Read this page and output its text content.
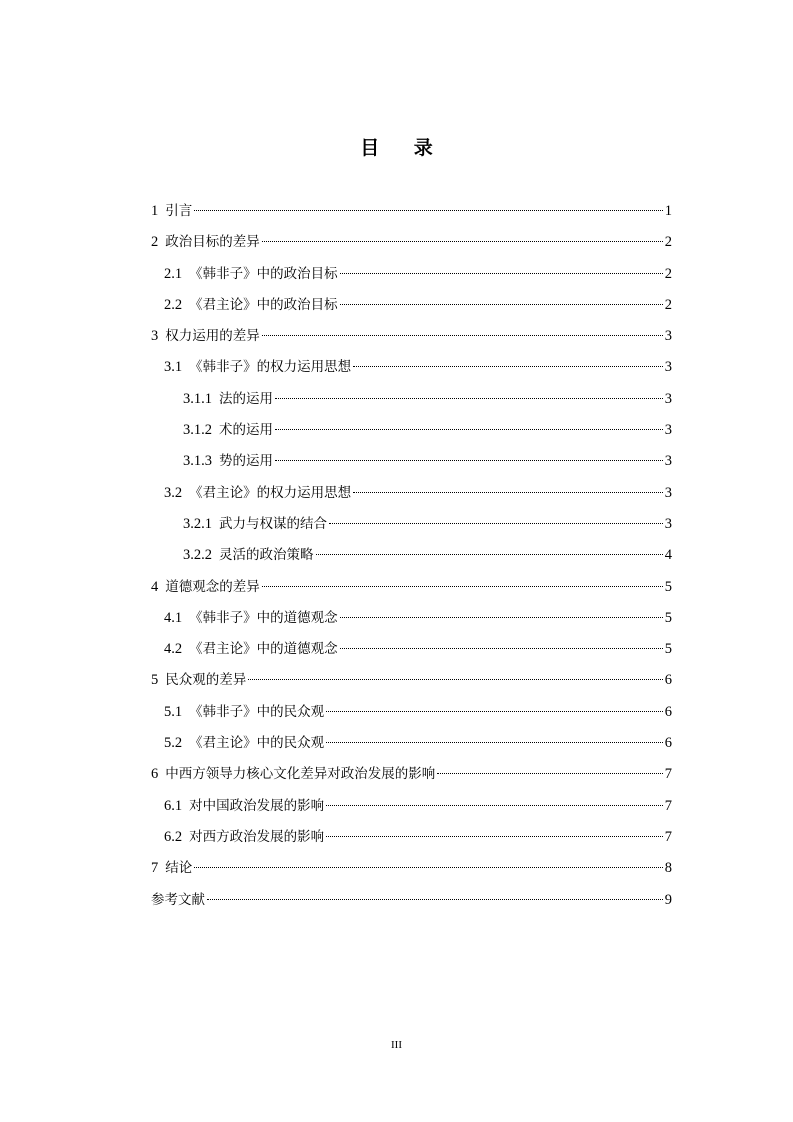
目 录
1 引言	1
2 政治目标的差异	2
2.1 《韩非子》中的政治目标	2
2.2 《君主论》中的政治目标	2
3 权力运用的差异	3
3.1 《韩非子》的权力运用思想	3
3.1.1 法的运用	3
3.1.2 术的运用	3
3.1.3 势的运用	3
3.2 《君主论》的权力运用思想	3
3.2.1 武力与权谋的结合	3
3.2.2 灵活的政治策略	4
4 道德观念的差异	5
4.1 《韩非子》中的道德观念	5
4.2 《君主论》中的道德观念	5
5 民众观的差异	6
5.1 《韩非子》中的民众观	6
5.2 《君主论》中的民众观	6
6 中西方领导力核心文化差异对政治发展的影响	7
6.1 对中国政治发展的影响	7
6.2 对西方政治发展的影响	7
7 结论	8
参考文献	9

III
